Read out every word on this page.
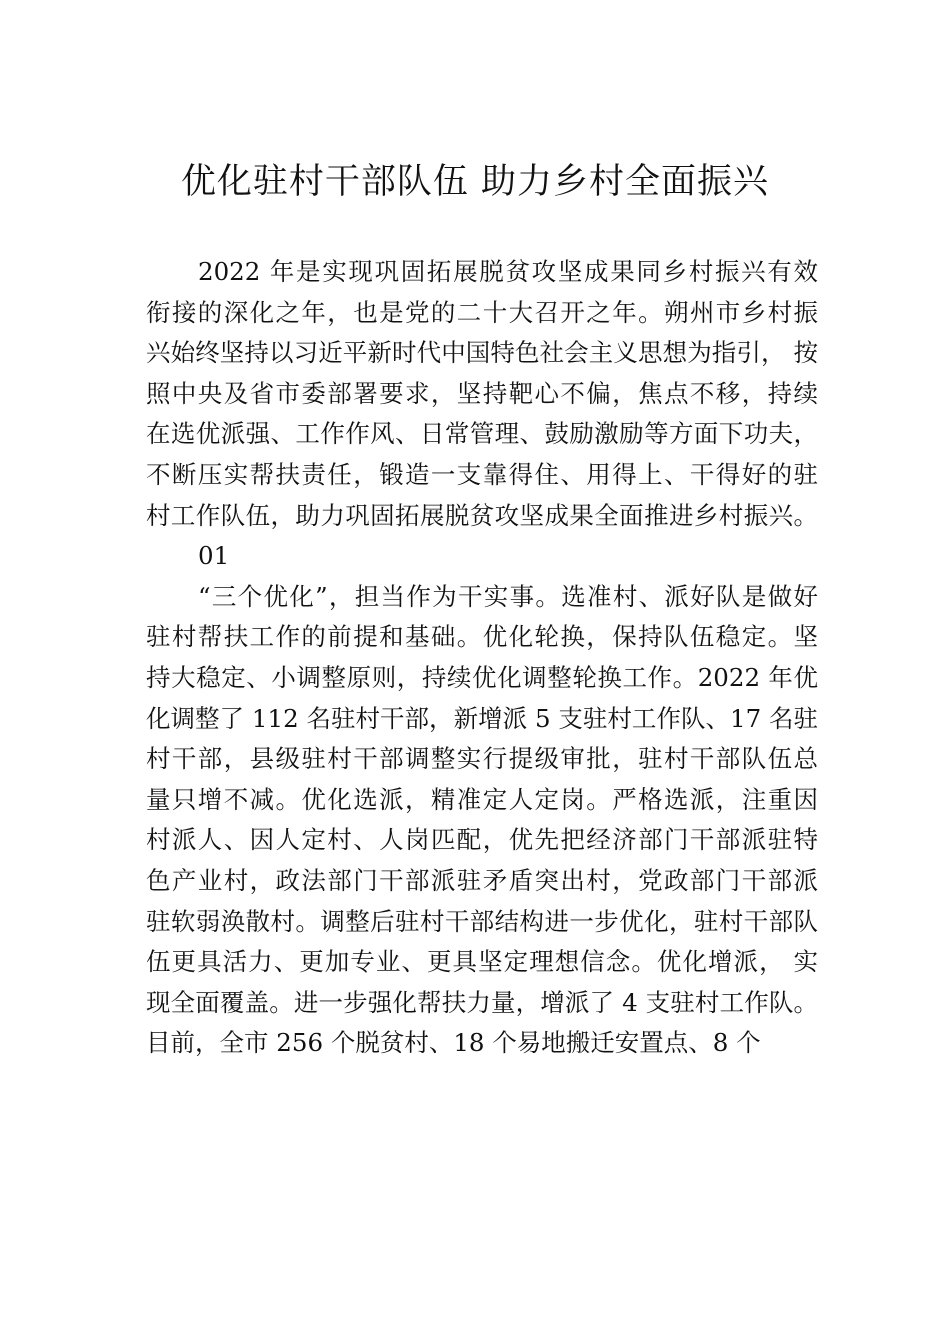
优化驻村干部队伍 助力乡村全面振兴
2022 年是实现巩固拓展脱贫攻坚成果同乡村振兴有效
衔接的深化之年，也是党的二十大召开之年。朔州市乡村振
兴始终坚持以习近平新时代中国特色社会主义思想为指引， 按
照中央及省市委部署要求，坚持靶心不偏，焦点不移，持续
在选优派强、工作作风、日常管理、鼓励激励等方面下功夫，
不断压实帮扶责任，锻造一支靠得住、用得上、干得好的驻
村工作队伍，助力巩固拓展脱贫攻坚成果全面推进乡村振兴。
01
“三个优化”，担当作为干实事。选准村、派好队是做好
驻村帮扶工作的前提和基础。优化轮换，保持队伍稳定。坚
持大稳定、小调整原则，持续优化调整轮换工作。2022 年优
化调整了 112 名驻村干部，新增派 5 支驻村工作队、17 名驻
村干部，县级驻村干部调整实行提级审批，驻村干部队伍总
量只增不减。优化选派，精准定人定岗。严格选派，注重因
村派人、因人定村、人岗匹配，优先把经济部门干部派驻特
色产业村，政法部门干部派驻矛盾突出村，党政部门干部派
驻软弱涣散村。调整后驻村干部结构进一步优化，驻村干部队
伍更具活力、更加专业、更具坚定理想信念。优化增派， 实
现全面覆盖。进一步强化帮扶力量，增派了 4 支驻村工作队。
目前，全市 256 个脱贫村、18 个易地搬迁安置点、8 个
